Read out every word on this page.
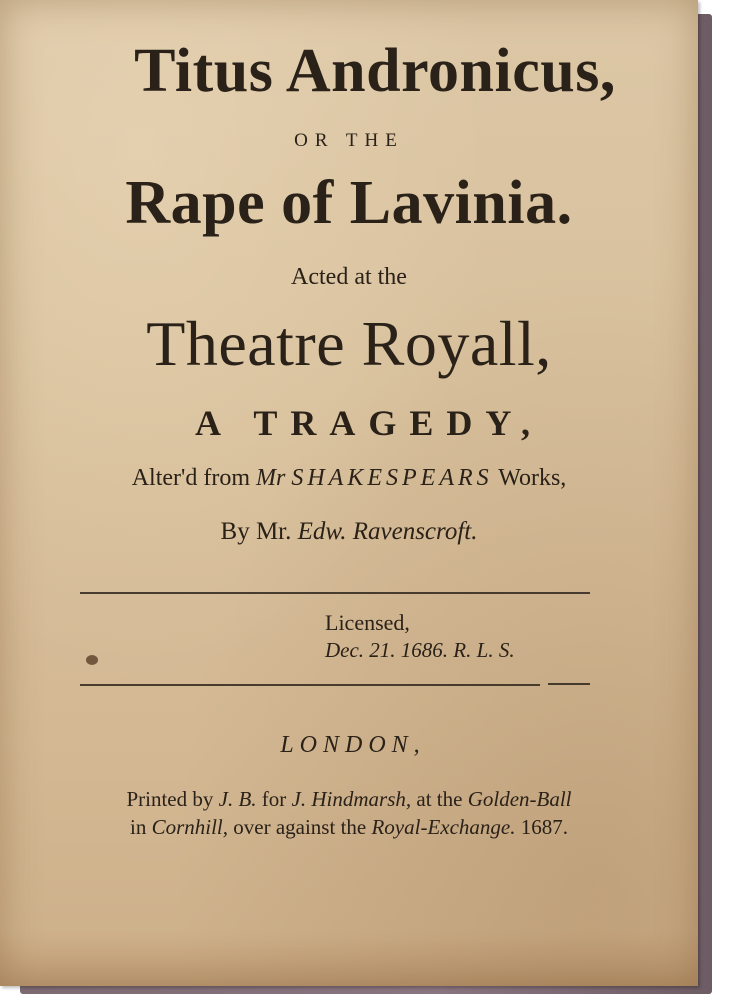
Titus Andronicus,
OR THE
Rape of Lavinia.
Acted at the
Theatre Royall,
A TRAGEDY,
Alter'd from Mr SHAKESPEARS Works,
By Mr. Edw. Ravenscroft.
Licensed,
Dec. 21. 1686. R. L. S.
LONDON,
Printed by J. B. for J. Hindmarsh, at the Golden-Ball
in Cornhill, over against the Royal-Exchange. 1687.
